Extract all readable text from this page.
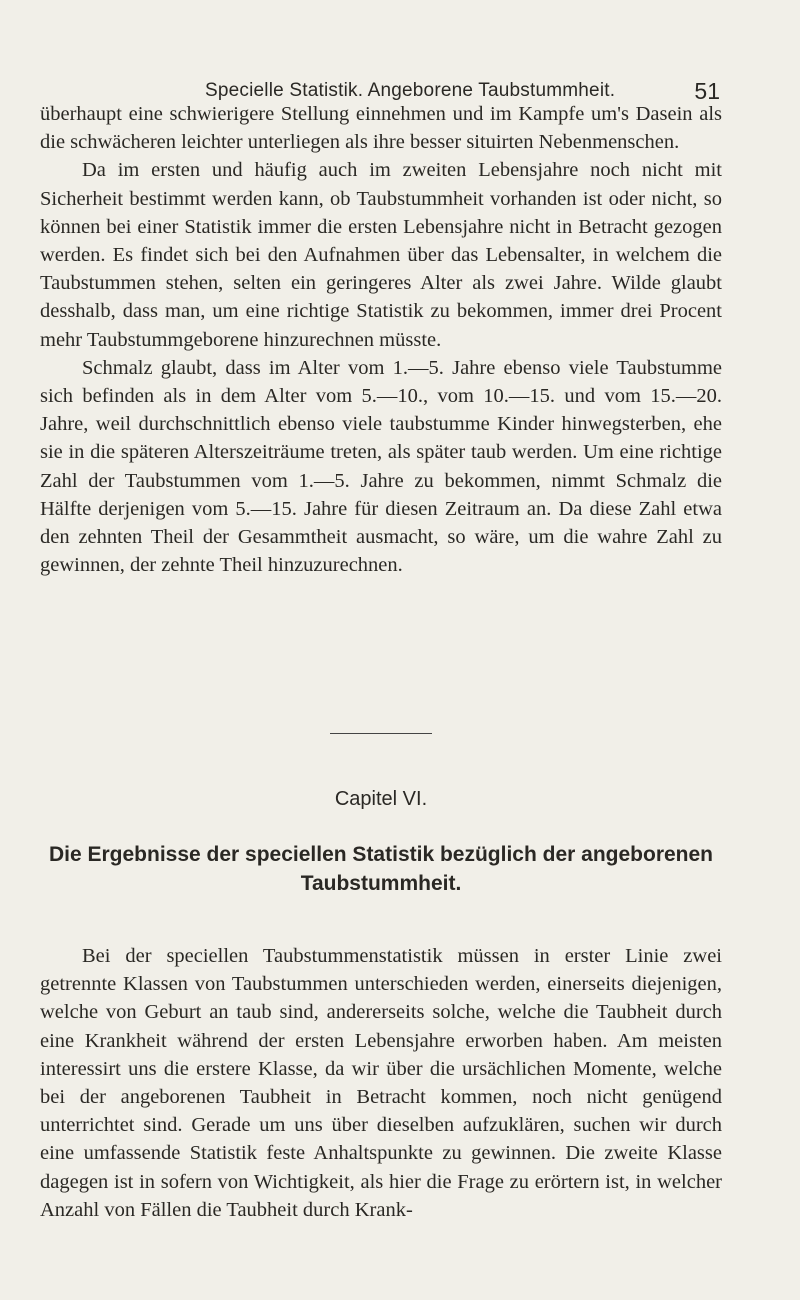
Specielle Statistik. Angeborene Taubstummheit.	51

überhaupt eine schwierigere Stellung einnehmen und im Kampfe um's Dasein als die schwächeren leichter unterliegen als ihre besser situirten Nebenmenschen.

Da im ersten und häufig auch im zweiten Lebensjahre noch nicht mit Sicherheit bestimmt werden kann, ob Taubstummheit vorhanden ist oder nicht, so können bei einer Statistik immer die ersten Lebensjahre nicht in Betracht gezogen werden. Es findet sich bei den Aufnahmen über das Lebensalter, in welchem die Taubstummen stehen, selten ein geringeres Alter als zwei Jahre. Wilde glaubt desshalb, dass man, um eine richtige Statistik zu bekommen, immer drei Procent mehr Taubstummgeborene hinzurechnen müsste.

Schmalz glaubt, dass im Alter vom 1.—5. Jahre ebenso viele Taubstumme sich befinden als in dem Alter vom 5.—10., vom 10.—15. und vom 15.—20. Jahre, weil durchschnittlich ebenso viele taubstumme Kinder hinwegsterben, ehe sie in die späteren Alterszeiträume treten, als später taub werden. Um eine richtige Zahl der Taubstummen vom 1.—5. Jahre zu bekommen, nimmt Schmalz die Hälfte derjenigen vom 5.—15. Jahre für diesen Zeitraum an. Da diese Zahl etwa den zehnten Theil der Gesammtheit ausmacht, so wäre, um die wahre Zahl zu gewinnen, der zehnte Theil hinzuzurechnen.

Capitel VI.
Die Ergebnisse der speciellen Statistik bezüglich der angeborenen Taubstummheit.

Bei der speciellen Taubstummenstatistik müssen in erster Linie zwei getrennte Klassen von Taubstummen unterschieden werden, einerseits diejenigen, welche von Geburt an taub sind, andererseits solche, welche die Taubheit durch eine Krankheit während der ersten Lebensjahre erworben haben. Am meisten interessirt uns die erstere Klasse, da wir über die ursächlichen Momente, welche bei der angeborenen Taubheit in Betracht kommen, noch nicht genügend unterrichtet sind. Gerade um uns über dieselben aufzuklären, suchen wir durch eine umfassende Statistik feste Anhaltspunkte zu gewinnen. Die zweite Klasse dagegen ist in sofern von Wichtigkeit, als hier die Frage zu erörtern ist, in welcher Anzahl von Fällen die Taubheit durch Krank-
